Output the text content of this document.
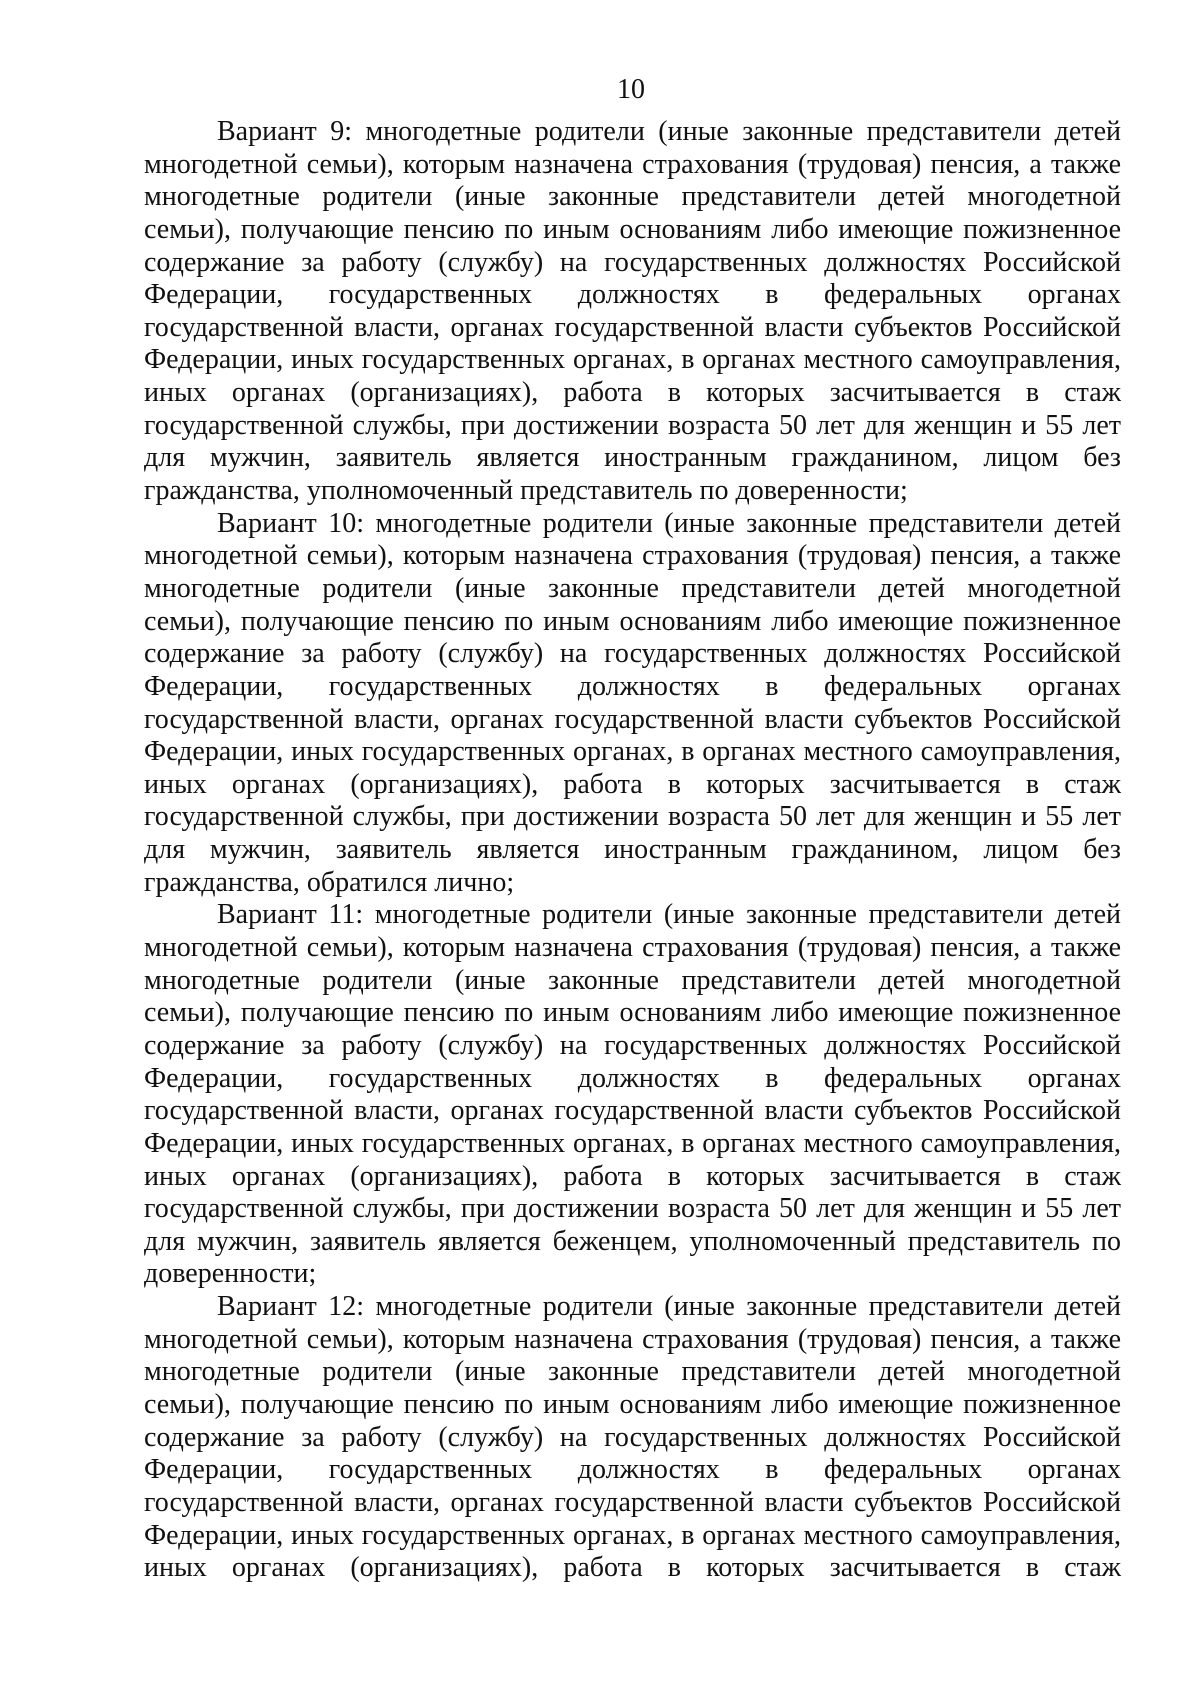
10
Вариант 9: многодетные родители (иные законные представители детей
многодетной семьи), которым назначена страхования (трудовая) пенсия, а также
многодетные родители (иные законные представители детей многодетной
семьи), получающие пенсию по иным основаниям либо имеющие пожизненное
содержание за работу (службу) на государственных должностях Российской
Федерации, государственных должностях в федеральных органах
государственной власти, органах государственной власти субъектов Российской
Федерации, иных государственных органах, в органах местного самоуправления,
иных органах (организациях), работа в которых засчитывается в стаж
государственной службы, при достижении возраста 50 лет для женщин и 55 лет
для мужчин, заявитель является иностранным гражданином, лицом без
гражданства, уполномоченный представитель по доверенности;
Вариант 10: многодетные родители (иные законные представители детей
многодетной семьи), которым назначена страхования (трудовая) пенсия, а также
многодетные родители (иные законные представители детей многодетной
семьи), получающие пенсию по иным основаниям либо имеющие пожизненное
содержание за работу (службу) на государственных должностях Российской
Федерации, государственных должностях в федеральных органах
государственной власти, органах государственной власти субъектов Российской
Федерации, иных государственных органах, в органах местного самоуправления,
иных органах (организациях), работа в которых засчитывается в стаж
государственной службы, при достижении возраста 50 лет для женщин и 55 лет
для мужчин, заявитель является иностранным гражданином, лицом без
гражданства, обратился лично;
Вариант 11: многодетные родители (иные законные представители детей
многодетной семьи), которым назначена страхования (трудовая) пенсия, а также
многодетные родители (иные законные представители детей многодетной
семьи), получающие пенсию по иным основаниям либо имеющие пожизненное
содержание за работу (службу) на государственных должностях Российской
Федерации, государственных должностях в федеральных органах
государственной власти, органах государственной власти субъектов Российской
Федерации, иных государственных органах, в органах местного самоуправления,
иных органах (организациях), работа в которых засчитывается в стаж
государственной службы, при достижении возраста 50 лет для женщин и 55 лет
для мужчин, заявитель является беженцем, уполномоченный представитель по
доверенности;
Вариант 12: многодетные родители (иные законные представители детей
многодетной семьи), которым назначена страхования (трудовая) пенсия, а также
многодетные родители (иные законные представители детей многодетной
семьи), получающие пенсию по иным основаниям либо имеющие пожизненное
содержание за работу (службу) на государственных должностях Российской
Федерации, государственных должностях в федеральных органах
государственной власти, органах государственной власти субъектов Российской
Федерации, иных государственных органах, в органах местного самоуправления,
иных органах (организациях), работа в которых засчитывается в стаж
